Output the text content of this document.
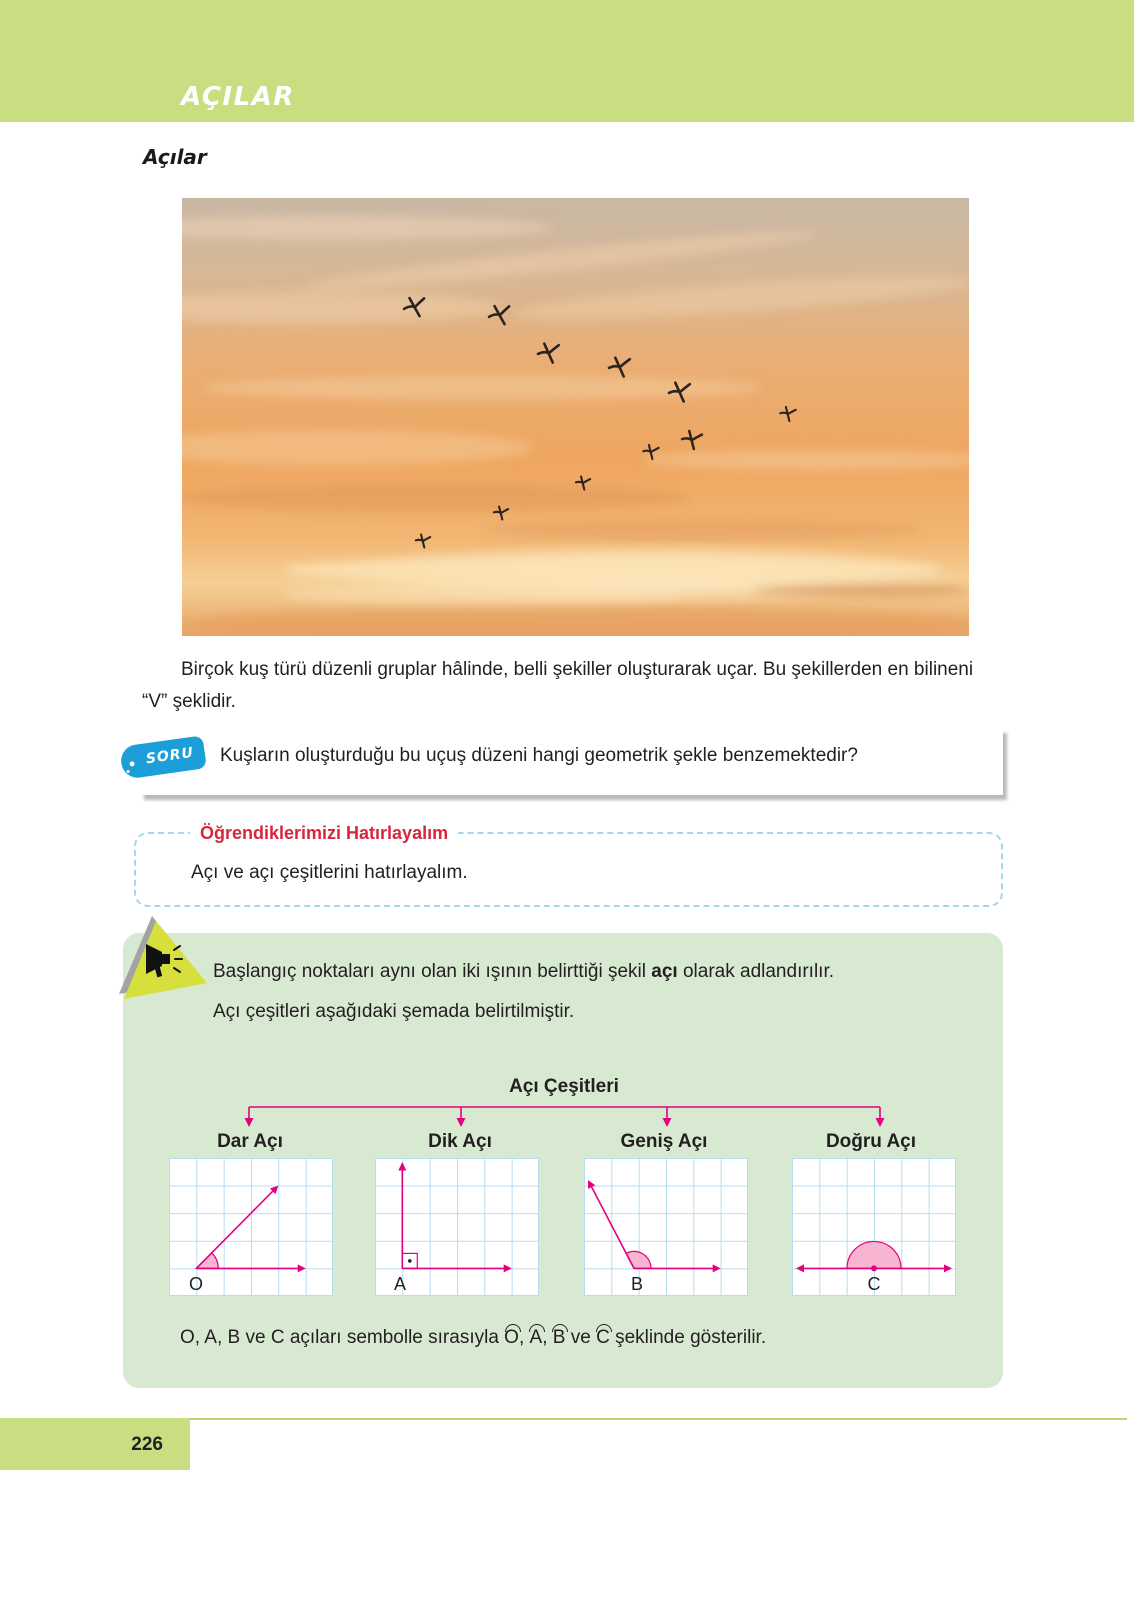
AÇILAR
Açılar
Birçok kuş türü düzenli gruplar hâlinde, belli şekiller oluşturarak uçar. Bu şekillerden en bilineni
“V” şeklidir.
SORU Kuşların oluşturduğu bu uçuş düzeni hangi geometrik şekle benzemektedir?
Öğrendiklerimizi Hatırlayalım
Açı ve açı çeşitlerini hatırlayalım.
Başlangıç noktaları aynı olan iki ışının belirttiği şekil açı olarak adlandırılır.
Açı çeşitleri aşağıdaki şemada belirtilmiştir.
Açı Çeşitleri
Dar Açı	Dik Açı	Geniş Açı	Doğru Açı
O	A	B	C
O, A, B ve C açıları sembolle sırasıyla O, A, B ve C şeklinde gösterilir.
226
